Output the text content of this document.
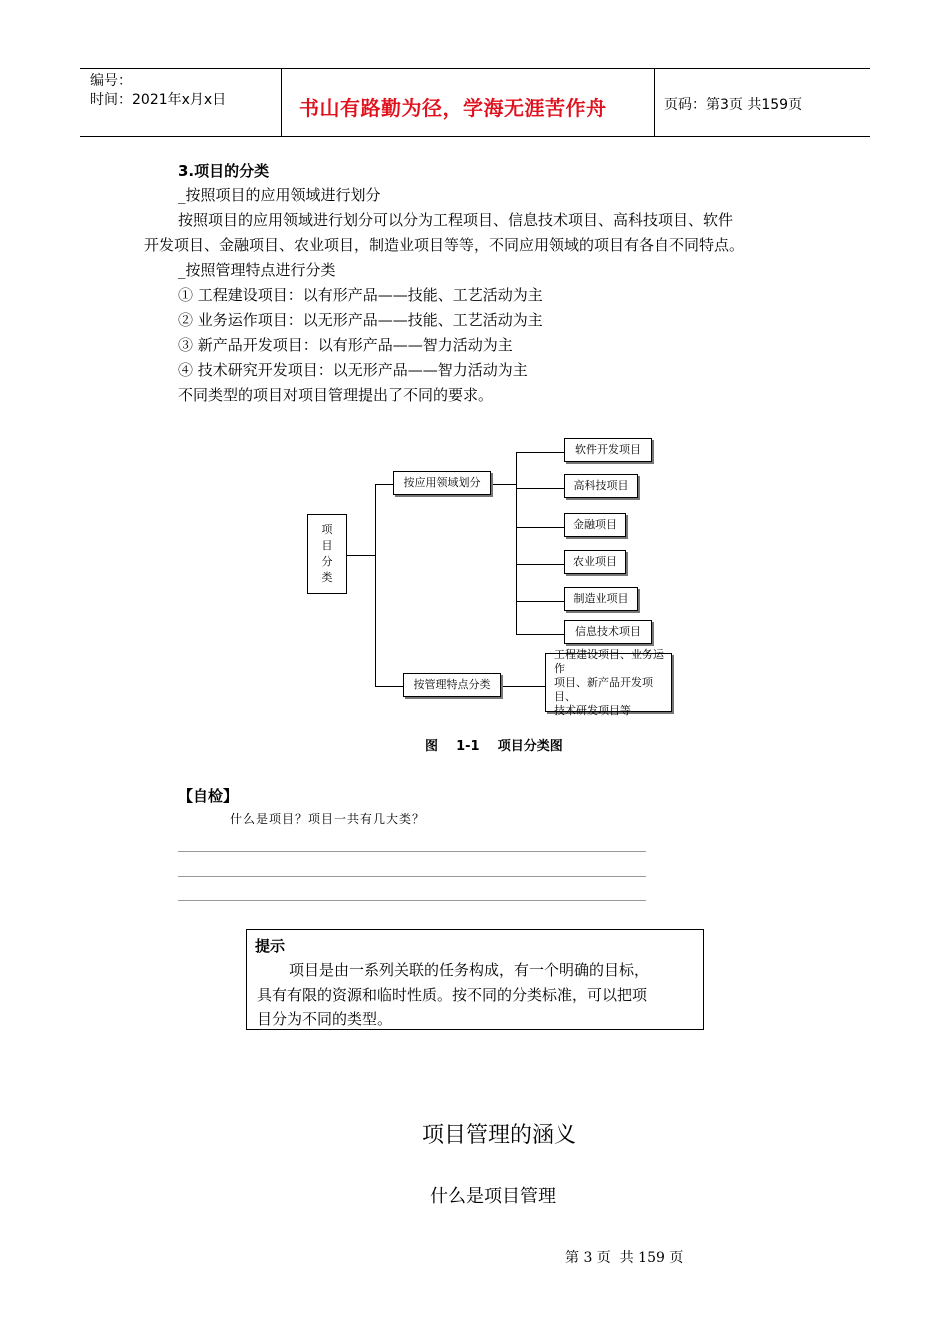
编号：
时间：2021年x月x日	书山有路勤为径，学海无涯苦作舟	页码：第3页 共159页
3.项目的分类
_按照项目的应用领域进行划分
按照项目的应用领域进行划分可以分为工程项目、信息技术项目、高科技项目、软件
开发项目、金融项目、农业项目，制造业项目等等，不同应用领域的项目有各自不同特点。
_按照管理特点进行分类
① 工程建设项目：以有形产品——技能、工艺活动为主
② 业务运作项目：以无形产品——技能、工艺活动为主
③ 新产品开发项目：以有形产品——智力活动为主
④ 技术研究开发项目：以无形产品——智力活动为主
不同类型的项目对项目管理提出了不同的要求。
项
目
分
类
按应用领域划分
按管理特点分类
软件开发项目
高科技项目
金融项目
农业项目
制造业项目
信息技术项目
工程建设项目、业务运作
项目、新产品开发项目、
技术研发项目等
图    1-1    项目分类图
【自检】
什么是项目？项目一共有几大类？
提示
项目是由一系列关联的任务构成，有一个明确的目标，
具有有限的资源和临时性质。按不同的分类标准，可以把项
目分为不同的类型。
项目管理的涵义
什么是项目管理
第 3 页  共 159 页
